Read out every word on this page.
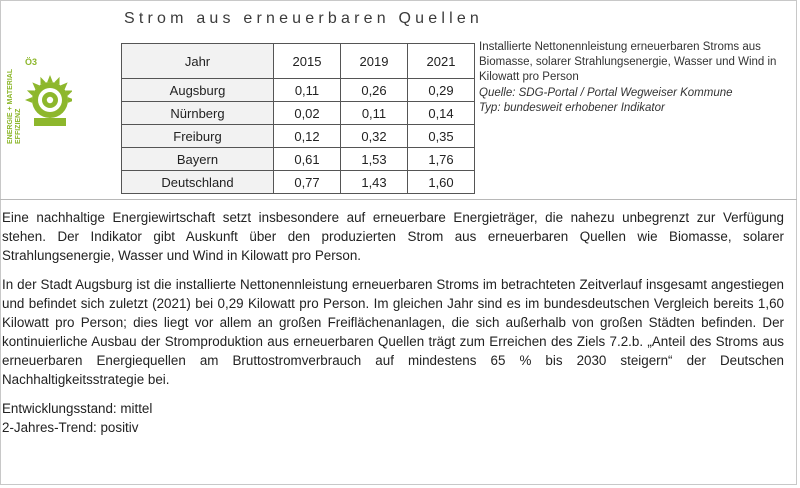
Strom aus erneuerbaren Quellen
ENERGIE + MATERIAL EFFIZIENZ
Ö3	Jahr	2015	2019	2021
Augsburg	0,11	0,26	0,29
Nürnberg	0,02	0,11	0,14
Freiburg	0,12	0,32	0,35
Bayern	0,61	1,53	1,76
Deutschland	0,77	1,43	1,60
Installierte Nettonennleistung erneuerbaren Stroms aus Biomasse, solarer Strahlungsenergie, Wasser und Wind in Kilowatt pro Person
Quelle: SDG-Portal / Portal Wegweiser Kommune
Typ: bundesweit erhobener Indikator

Eine nachhaltige Energiewirtschaft setzt insbesondere auf erneuerbare Energieträger, die nahezu unbegrenzt zur Verfügung stehen. Der Indikator gibt Auskunft über den produzierten Strom aus erneuerbaren Quellen wie Biomasse, solarer Strahlungsenergie, Wasser und Wind in Kilowatt pro Person.

In der Stadt Augsburg ist die installierte Nettonennleistung erneuerbaren Stroms im betrachteten Zeitverlauf insgesamt angestiegen und befindet sich zuletzt (2021) bei 0,29 Kilowatt pro Person. Im gleichen Jahr sind es im bundesdeutschen Vergleich bereits 1,60 Kilowatt pro Person; dies liegt vor allem an großen Freiflächenanlagen, die sich außerhalb von großen Städten befinden. Der kontinuierliche Ausbau der Stromproduktion aus erneuerbaren Quellen trägt zum Erreichen des Ziels 7.2.b. „Anteil des Stroms aus erneuerbaren Energiequellen am Bruttostromverbrauch auf mindestens 65 % bis 2030 steigern“ der Deutschen Nachhaltigkeitsstrategie bei.

Entwicklungsstand: mittel

2-Jahres-Trend: positiv
